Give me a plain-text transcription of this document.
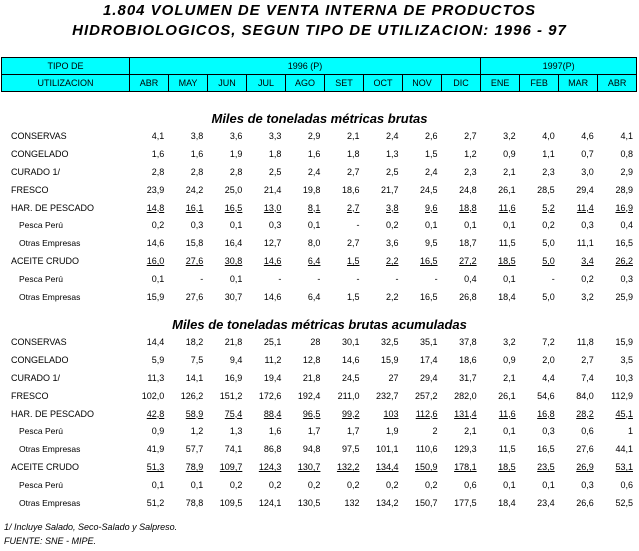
1.804 VOLUMEN DE VENTA INTERNA DE PRODUCTOS
HIDROBIOLOGICOS, SEGUN TIPO DE UTILIZACION: 1996 - 97
TIPO DE	1996 (P)									1997(P)			
UTILIZACION	ABR	MAY	JUN	JUL	AGO	SET	OCT	NOV	DIC	ENE	FEB	MAR	ABR
Miles de toneladas métricas brutas
CONSERVAS	4,1	3,8	3,6	3,3	2,9	2,1	2,4	2,6	2,7	3,2	4,0	4,6	4,1
CONGELADO	1,6	1,6	1,9	1,8	1,6	1,8	1,3	1,5	1,2	0,9	1,1	0,7	0,8
CURADO 1/	2,8	2,8	2,8	2,5	2,4	2,7	2,5	2,4	2,3	2,1	2,3	3,0	2,9
FRESCO	23,9	24,2	25,0	21,4	19,8	18,6	21,7	24,5	24,8	26,1	28,5	29,4	28,9
HAR. DE PESCADO	14,8	16,1	16,5	13,0	8,1	2,7	3,8	9,6	18,8	11,6	5,2	11,4	16,9
Pesca Perú	0,2	0,3	0,1	0,3	0,1	-	0,2	0,1	0,1	0,1	0,2	0,3	0,4
Otras Empresas	14,6	15,8	16,4	12,7	8,0	2,7	3,6	9,5	18,7	11,5	5,0	11,1	16,5
ACEITE CRUDO	16,0	27,6	30,8	14,6	6,4	1,5	2,2	16,5	27,2	18,5	5,0	3,4	26,2
Pesca Perú	0,1	-	0,1	-	-	-	-	-	0,4	0,1	-	0,2	0,3
Otras Empresas	15,9	27,6	30,7	14,6	6,4	1,5	2,2	16,5	26,8	18,4	5,0	3,2	25,9
Miles de toneladas métricas brutas acumuladas
CONSERVAS	14,4	18,2	21,8	25,1	28	30,1	32,5	35,1	37,8	3,2	7,2	11,8	15,9
CONGELADO	5,9	7,5	9,4	11,2	12,8	14,6	15,9	17,4	18,6	0,9	2,0	2,7	3,5
CURADO 1/	11,3	14,1	16,9	19,4	21,8	24,5	27	29,4	31,7	2,1	4,4	7,4	10,3
FRESCO	102,0	126,2	151,2	172,6	192,4	211,0	232,7	257,2	282,0	26,1	54,6	84,0	112,9
HAR. DE PESCADO	42,8	58,9	75,4	88,4	96,5	99,2	103	112,6	131,4	11,6	16,8	28,2	45,1
Pesca Perú	0,9	1,2	1,3	1,6	1,7	1,7	1,9	2	2,1	0,1	0,3	0,6	1
Otras Empresas	41,9	57,7	74,1	86,8	94,8	97,5	101,1	110,6	129,3	11,5	16,5	27,6	44,1
ACEITE CRUDO	51,3	78,9	109,7	124,3	130,7	132,2	134,4	150,9	178,1	18,5	23,5	26,9	53,1
Pesca Perú	0,1	0,1	0,2	0,2	0,2	0,2	0,2	0,2	0,6	0,1	0,1	0,3	0,6
Otras Empresas	51,2	78,8	109,5	124,1	130,5	132	134,2	150,7	177,5	18,4	23,4	26,6	52,5
1/ Incluye Salado, Seco-Salado y Salpreso.
FUENTE: SNE - MIPE.
